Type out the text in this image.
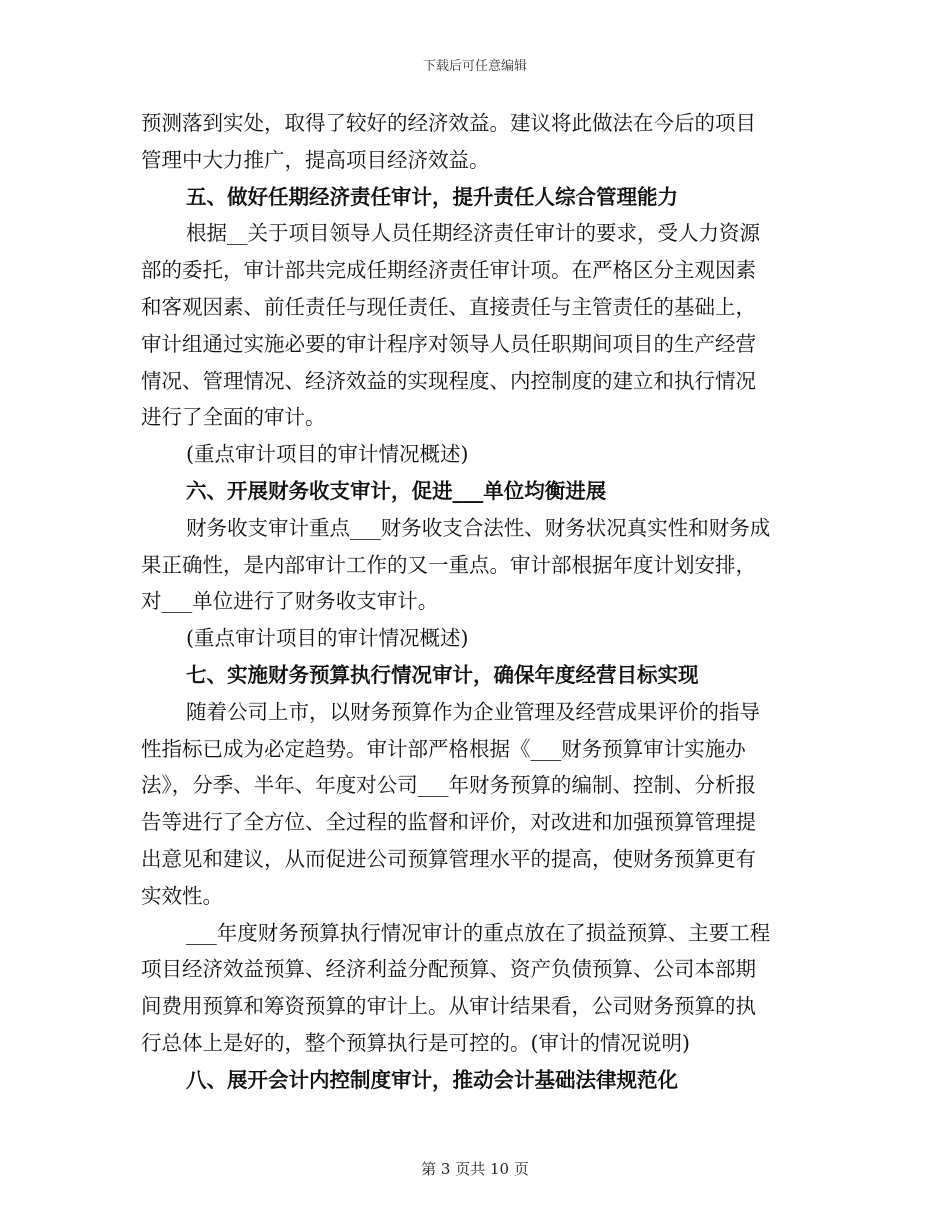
下载后可任意编辑
预测落到实处，取得了较好的经济效益。建议将此做法在今后的项目
管理中大力推广，提高项目经济效益。
五、做好任期经济责任审计，提升责任人综合管理能力
根据__关于项目领导人员任期经济责任审计的要求，受人力资源
部的委托，审计部共完成任期经济责任审计项。在严格区分主观因素
和客观因素、前任责任与现任责任、直接责任与主管责任的基础上，
审计组通过实施必要的审计程序对领导人员任职期间项目的生产经营
情况、管理情况、经济效益的实现程度、内控制度的建立和执行情况
进行了全面的审计。
(重点审计项目的审计情况概述)
六、开展财务收支审计，促进___单位均衡进展
财务收支审计重点___财务收支合法性、财务状况真实性和财务成
果正确性，是内部审计工作的又一重点。审计部根据年度计划安排，
对___单位进行了财务收支审计。
(重点审计项目的审计情况概述)
七、实施财务预算执行情况审计，确保年度经营目标实现
随着公司上市，以财务预算作为企业管理及经营成果评价的指导
性指标已成为必定趋势。审计部严格根据《___财务预算审计实施办
法》，分季、半年、年度对公司___年财务预算的编制、控制、分析报
告等进行了全方位、全过程的监督和评价，对改进和加强预算管理提
出意见和建议，从而促进公司预算管理水平的提高，使财务预算更有
实效性。
___年度财务预算执行情况审计的重点放在了损益预算、主要工程
项目经济效益预算、经济利益分配预算、资产负债预算、公司本部期
间费用预算和筹资预算的审计上。从审计结果看，公司财务预算的执
行总体上是好的，整个预算执行是可控的。(审计的情况说明)
八、展开会计内控制度审计，推动会计基础法律规范化
第 3 页共 10 页
